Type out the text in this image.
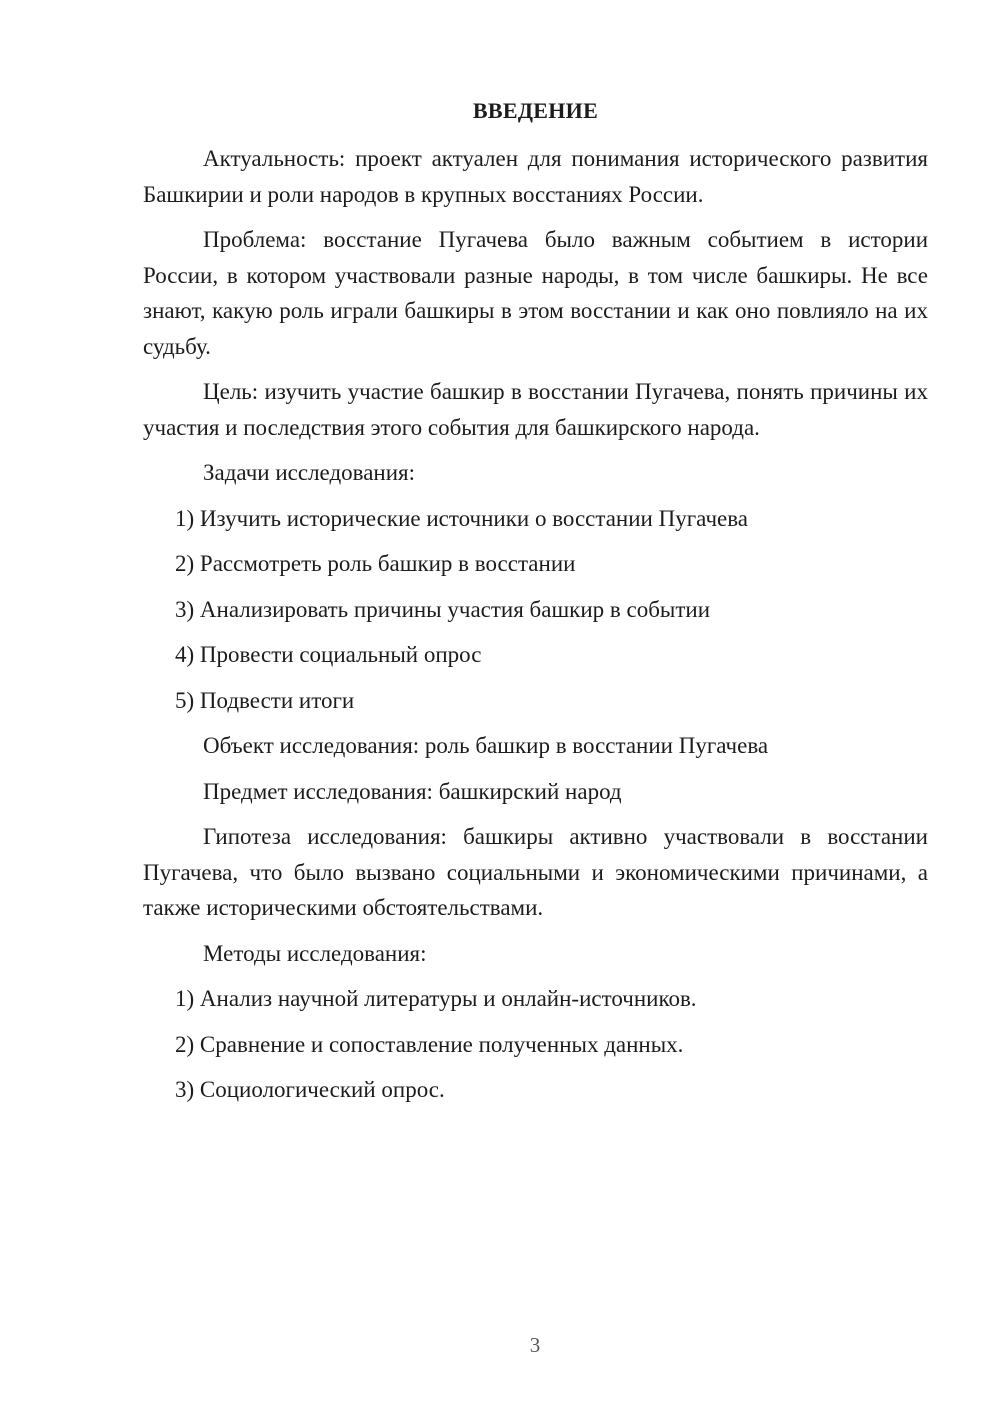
ВВЕДЕНИЕ

Актуальность: проект актуален для понимания исторического развития Башкирии и роли народов в крупных восстаниях России.

Проблема: восстание Пугачева было важным событием в истории России, в котором участвовали разные народы, в том числе башкиры. Не все знают, какую роль играли башкиры в этом восстании и как оно повлияло на их судьбу.

Цель: изучить участие башкир в восстании Пугачева, понять причины их участия и последствия этого события для башкирского народа.

Задачи исследования:
1) Изучить исторические источники о восстании Пугачева
2) Рассмотреть роль башкир в восстании
3) Анализировать причины участия башкир в событии
4) Провести социальный опрос
5) Подвести итоги
Объект исследования: роль башкир в восстании Пугачева
Предмет исследования: башкирский народ

Гипотеза исследования: башкиры активно участвовали в восстании Пугачева, что было вызвано социальными и экономическими причинами, а также историческими обстоятельствами.

Методы исследования:
1) Анализ научной литературы и онлайн-источников.
2) Сравнение и сопоставление полученных данных.
3) Социологический опрос.
3
